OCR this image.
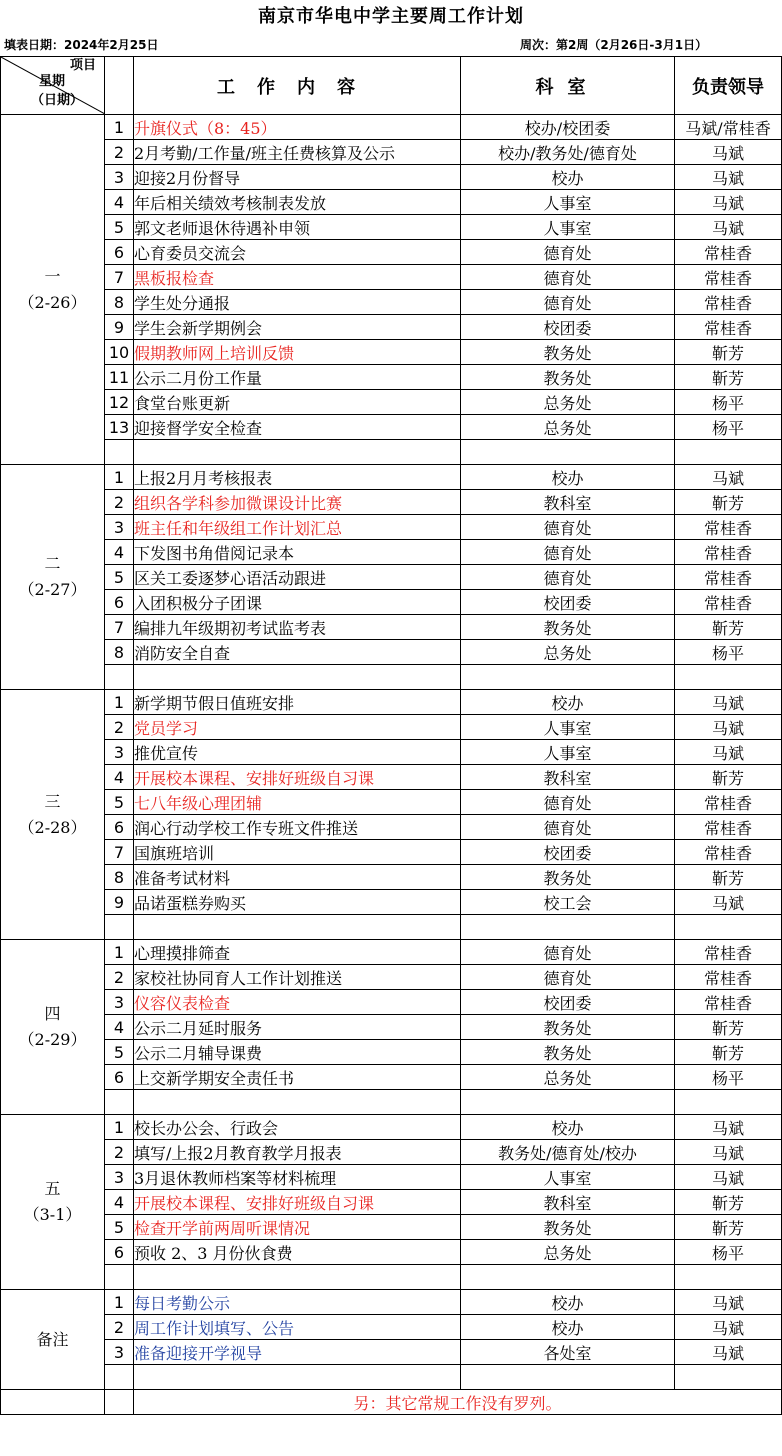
南京市华电中学主要周工作计划
填表日期：2024年2月25日	周次：第2周（2月26日-3月1日）
项目
星期
（日期）		工作内容	科室	负责领导

一
（2-26）	1	升旗仪式（8：45）	校办/校团委	马斌/常桂香
	2	2月考勤/工作量/班主任费核算及公示	校办/教务处/德育处	马斌
	3	迎接2月份督导	校办	马斌
	4	年后相关绩效考核制表发放	人事室	马斌
	5	郭文老师退休待遇补申领	人事室	马斌
	6	心育委员交流会	德育处	常桂香
	7	黑板报检查	德育处	常桂香
	8	学生处分通报	德育处	常桂香
	9	学生会新学期例会	校团委	常桂香
	10	假期教师网上培训反馈	教务处	靳芳
	11	公示二月份工作量	教务处	靳芳
	12	食堂台账更新	总务处	杨平
	13	迎接督学安全检查	总务处	杨平

二
（2-27）	1	上报2月月考核报表	校办	马斌
	2	组织各学科参加微课设计比赛	教科室	靳芳
	3	班主任和年级组工作计划汇总	德育处	常桂香
	4	下发图书角借阅记录本	德育处	常桂香
	5	区关工委逐梦心语活动跟进	德育处	常桂香
	6	入团积极分子团课	校团委	常桂香
	7	编排九年级期初考试监考表	教务处	靳芳
	8	消防安全自查	总务处	杨平

三
（2-28）	1	新学期节假日值班安排	校办	马斌
	2	党员学习	人事室	马斌
	3	推优宣传	人事室	马斌
	4	开展校本课程、安排好班级自习课	教科室	靳芳
	5	七八年级心理团辅	德育处	常桂香
	6	润心行动学校工作专班文件推送	德育处	常桂香
	7	国旗班培训	校团委	常桂香
	8	准备考试材料	教务处	靳芳
	9	品诺蛋糕券购买	校工会	马斌

四
（2-29）	1	心理摸排筛查	德育处	常桂香
	2	家校社协同育人工作计划推送	德育处	常桂香
	3	仪容仪表检查	校团委	常桂香
	4	公示二月延时服务	教务处	靳芳
	5	公示二月辅导课费	教务处	靳芳
	6	上交新学期安全责任书	总务处	杨平

五
（3-1）	1	校长办公会、行政会	校办	马斌
	2	填写/上报2月教育教学月报表	教务处/德育处/校办	马斌
	3	3月退休教师档案等材料梳理	人事室	马斌
	4	开展校本课程、安排好班级自习课	教科室	靳芳
	5	检查开学前两周听课情况	教务处	靳芳
	6	预收 2、3 月份伙食费	总务处	杨平

备注	1	每日考勤公示	校办	马斌
	2	周工作计划填写、公告	校办	马斌
	3	准备迎接开学视导	各处室	马斌

		另：其它常规工作没有罗列。		
